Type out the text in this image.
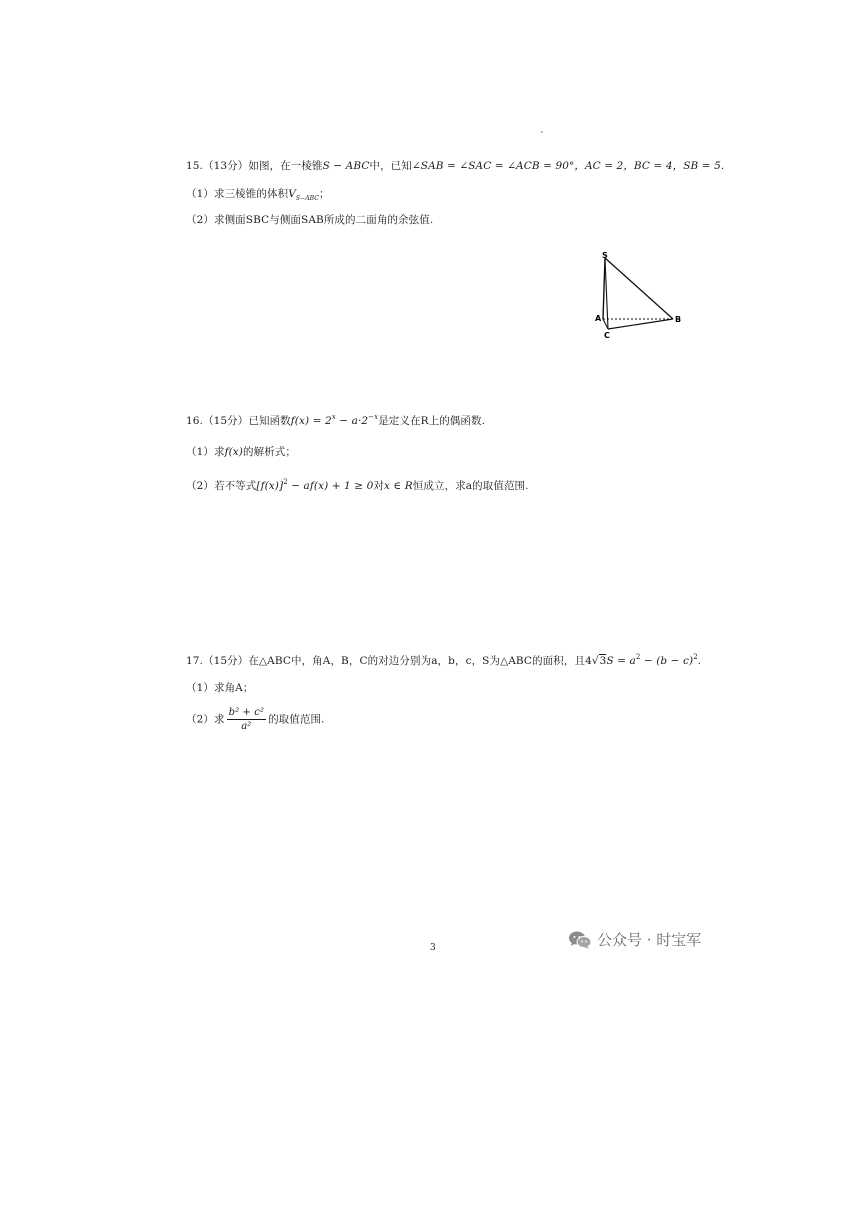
15.（13分）如图，在一棱锥S − ABC中，已知∠SAB = ∠SAC = ∠ACB = 90°，AC = 2，BC = 4，SB = 5.
（1）求三棱锥的体积$V_{S-ABC}$；
（2）求侧面SBC与侧面SAB所成的二面角的余弦值.
S
A	B
C
16.（15分）已知函数$f(x) = 2^x - a\cdot 2^{-x}$是定义在R上的偶函数.
（1）求f(x)的解析式；
（2）若不等式$[f(x)]^2 - af(x) + 1 \ge 0$对x ∈ R恒成立，求a的取值范围.
17.（15分）在△ABC中，角A，B，C的对边分别为a，b，c，S为△ABC的面积，且$4√3S = a^2 - (b - c)^2$.
（1）求角A；
（2）求 $\frac{\text{b² + c²}}{\text{a²}}$ 的取值范围.
3	公众号 · 时宝军
